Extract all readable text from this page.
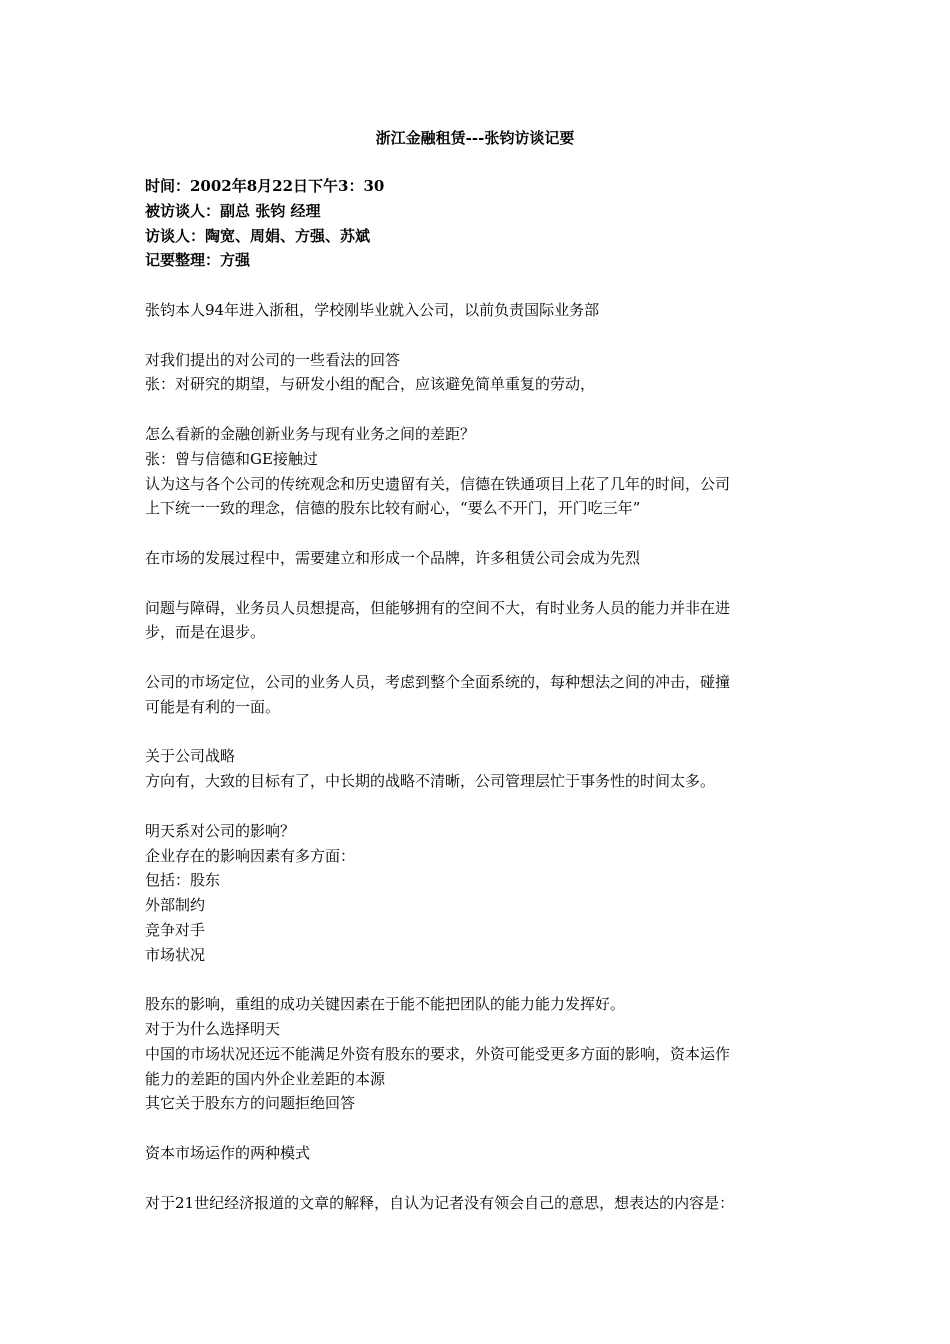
浙江金融租赁---张钧访谈记要
时间：2002年8月22日下午3：30
被访谈人：副总 张钧 经理
访谈人：陶宽、周娟、方强、苏斌
记要整理：方强
张钧本人94年进入浙租，学校刚毕业就入公司，以前负责国际业务部
对我们提出的对公司的一些看法的回答
张：对研究的期望，与研发小组的配合，应该避免简单重复的劳动，
怎么看新的金融创新业务与现有业务之间的差距？
张：曾与信德和GE接触过
认为这与各个公司的传统观念和历史遗留有关，信德在铁通项目上花了几年的时间，公司
上下统一一致的理念，信德的股东比较有耐心，“要么不开门，开门吃三年”
在市场的发展过程中，需要建立和形成一个品牌，许多租赁公司会成为先烈
问题与障碍，业务员人员想提高，但能够拥有的空间不大，有时业务人员的能力并非在进
步，而是在退步。
公司的市场定位，公司的业务人员，考虑到整个全面系统的，每种想法之间的冲击，碰撞
可能是有利的一面。
关于公司战略
方向有，大致的目标有了，中长期的战略不清晰，公司管理层忙于事务性的时间太多。
明天系对公司的影响？
企业存在的影响因素有多方面：
包括：股东
外部制约
竞争对手
市场状况
股东的影响，重组的成功关键因素在于能不能把团队的能力能力发挥好。
对于为什么选择明天
中国的市场状况还远不能满足外资有股东的要求，外资可能受更多方面的影响，资本运作
能力的差距的国内外企业差距的本源
其它关于股东方的问题拒绝回答
资本市场运作的两种模式
对于21世纪经济报道的文章的解释，自认为记者没有领会自己的意思，想表达的内容是：
